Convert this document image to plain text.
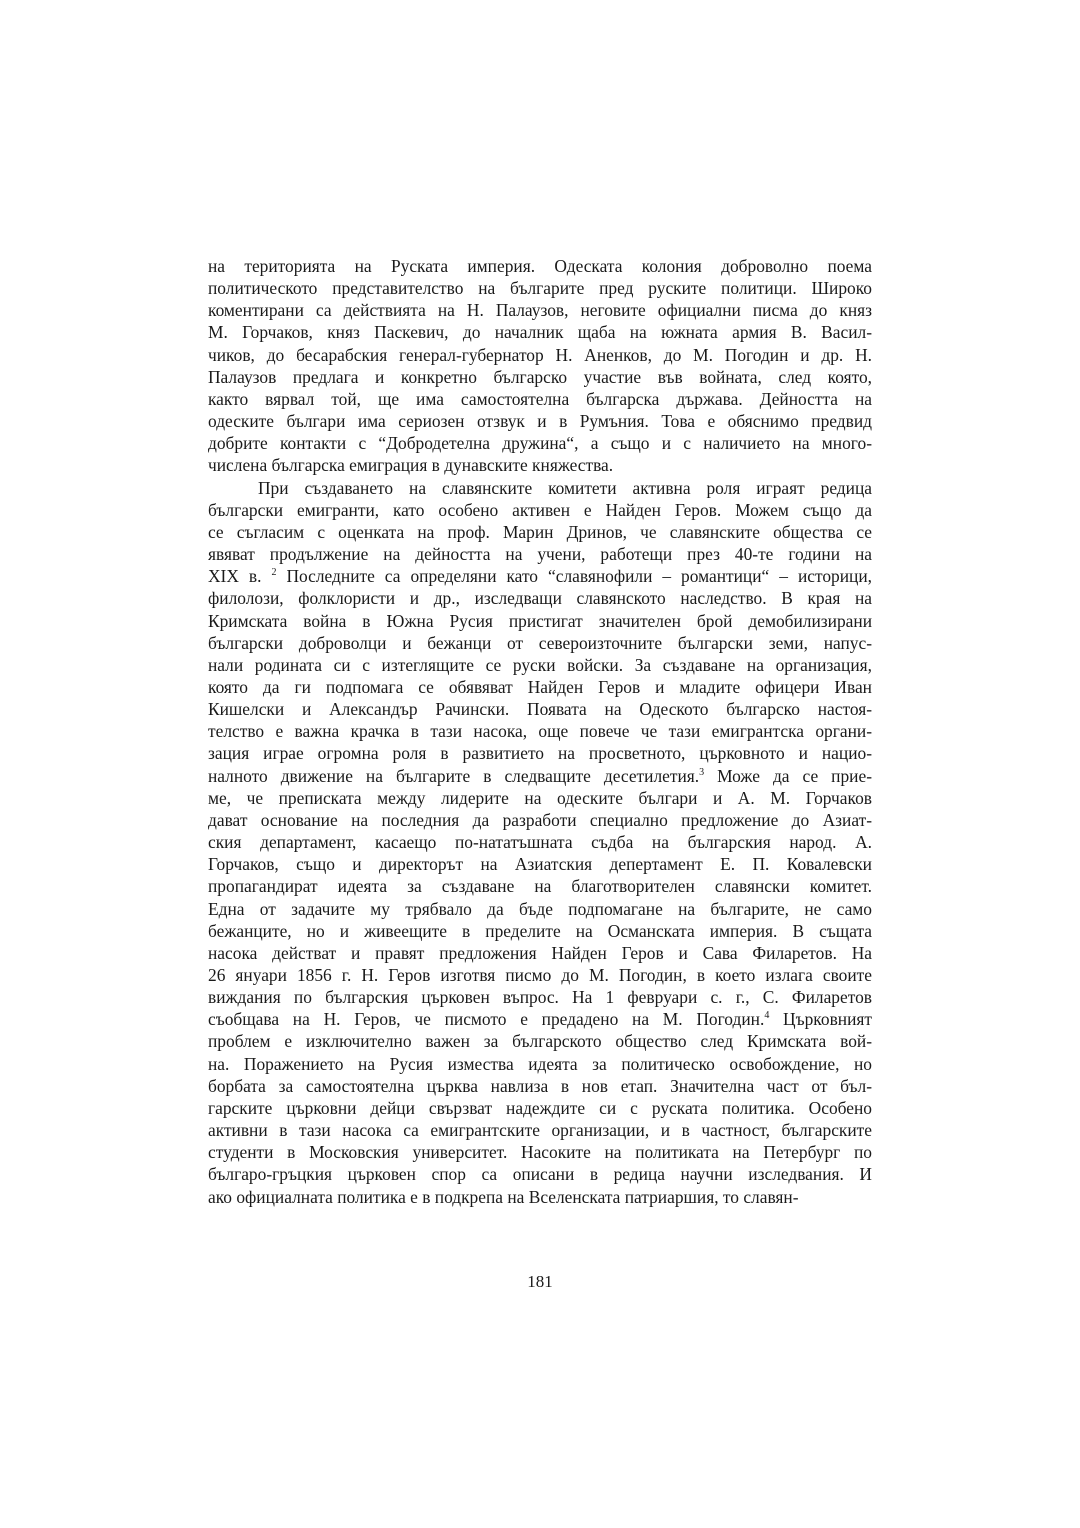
на територията на Руската империя. Одеската колония доброволно поема
политическото представителство на българите пред руските политици. Широко
коментирани са действията на Н. Палаузов, неговите официални писма до княз
М. Горчаков, княз Паскевич, до началник щаба на южната армия В. Васил-
чиков, до бесарабския генерал-губернатор Н. Аненков, до М. Погодин и др. Н.
Палаузов предлага и конкретно българско участие във войната, след която,
както вярвал той, ще има самостоятелна българска държава. Дейността на
одеските българи има сериозен отзвук и в Румъния. Това е обяснимо предвид
добрите контакти с “Добродетелна дружина“, а също и с наличието на много-
числена българска емиграция в дунавските княжества.

При създаването на славянските комитети активна роля играят редица
български емигранти, като особено активен е Найден Геров. Можем също да
се съгласим с оценката на проф. Марин Дринов, че славянските общества се
явяват продължение на дейността на учени, работещи през 40-те години на
XIX в. $^2$ Последните са определяни като “славянофили – романтици“ – историци,
филолози, фолклористи и др., изследващи славянското наследство. В края на
Кримската война в Южна Русия пристигат значителен брой демобилизирани
български доброволци и бежанци от североизточните български земи, напус-
нали родината си с изтеглящите се руски войски. За създаване на организация,
която да ги подпомага се обявяват Найден Геров и младите офицери Иван
Кишелски и Александър Рачински. Появата на Одеското българско настоя-
телство е важна крачка в тази насока, още повече че тази емигрантска органи-
зация играе огромна роля в развитието на просветното, църковното и нацио-
налното движение на българите в следващите десетилетия.$^3$ Може да се прие-
ме, че преписката между лидерите на одеските българи и А. М. Горчаков
дават основание на последния да разработи специално предложение до Азиат-
ския департамент, касаещо по-нататъшната съдба на българския народ. А.
Горчаков, също и директорът на Азиатския депертамент Е. П. Ковалевски
пропагандират идеята за създаване на благотворителен славянски комитет.
Една от задачите му трябвало да бъде подпомагане на българите, не само
бежанците, но и живеещите в пределите на Османската империя. В същата
насока действат и правят предложения Найден Геров и Сава Филаретов. На
26 януари 1856 г. Н. Геров изготвя писмо до М. Погодин, в което излага своите
виждания по българския църковен въпрос. На 1 февруари с. г., С. Филаретов
съобщава на Н. Геров, че писмото е предадено на М. Погодин.$^4$ Църковният
проблем е изключително важен за българското общество след Кримската вой-
на. Поражението на Русия измества идеята за политическо освобождение, но
борбата за самостоятелна църква навлиза в нов етап. Значителна част от бъл-
гарските църковни дейци свързват надеждите си с руската политика. Особено
активни в тази насока са емигрантските организации, и в частност, българските
студенти в Московския университет. Насоките на политиката на Петербург по
българо-гръцкия църковен спор са описани в редица научни изследвания. И
ако официалната политика е в подкрепа на Вселенската патриаршия, то славян-

181
